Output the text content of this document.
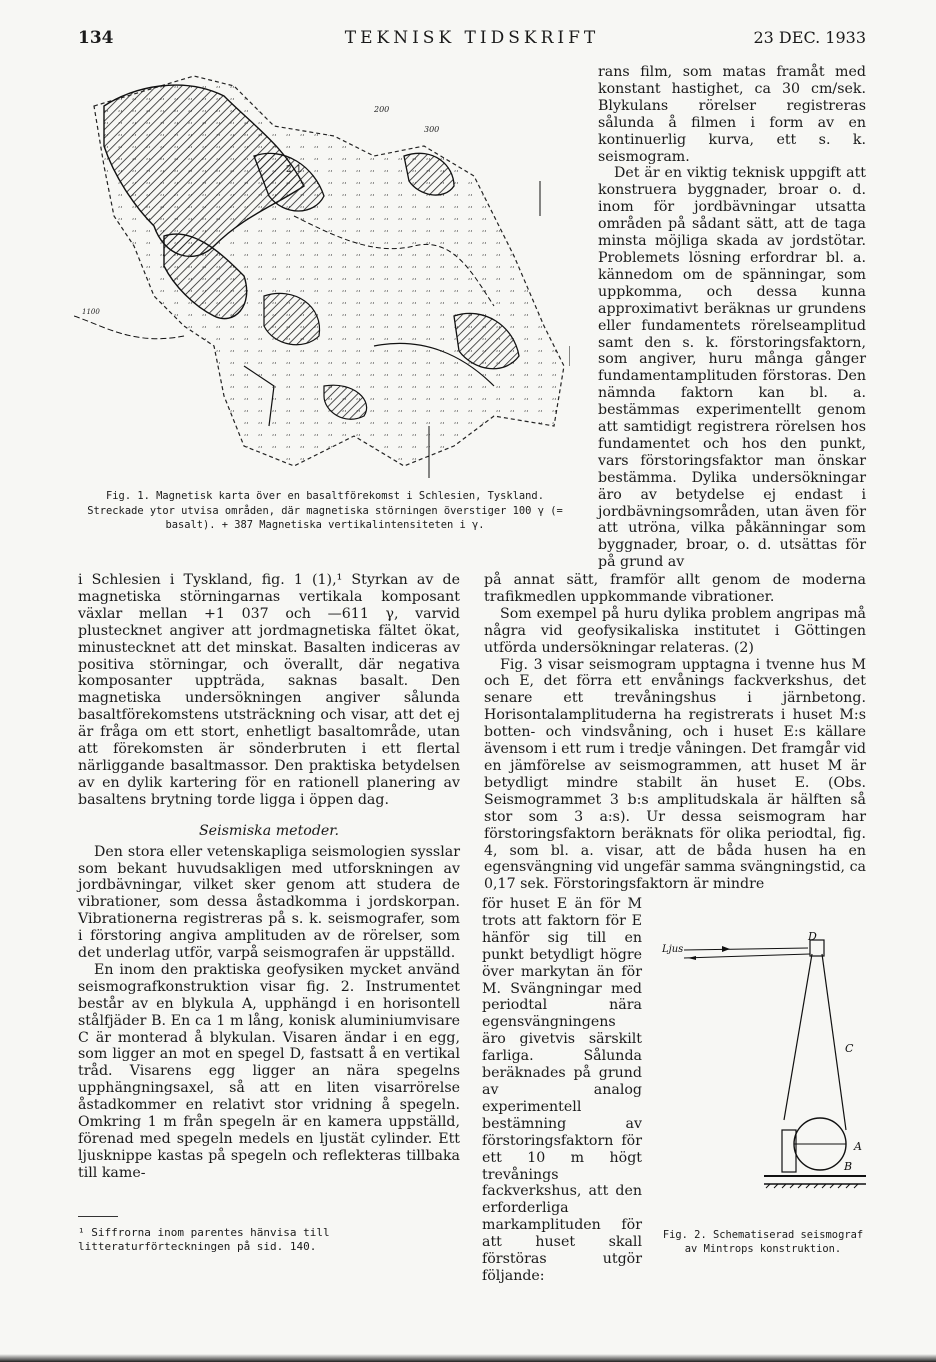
134	TEKNISK TIDSKRIFT	23 DEC. 1933
300
200
2 1
1100
Fig. 1. Magnetisk karta över en basaltförekomst i Schlesien, Tyskland. Streckade ytor utvisa områden, där magnetiska störningen överstiger 100 γ (= basalt). + 387 Magnetiska vertikalintensiteten i γ.

rans film, som matas framåt med konstant hastighet, ca 30 cm/sek. Blykulans rörelser registreras sålunda å filmen i form av en kontinuerlig kurva, ett s. k. seismogram.

Det är en viktig teknisk uppgift att konstruera byggnader, broar o. d. inom för jordbävningar utsatta områden på sådant sätt, att de taga minsta möjliga skada av jordstötar. Problemets lösning erfordrar bl. a. kännedom om de spänningar, som uppkomma, och dessa kunna approximativt beräknas ur grundens eller fundamentets rörelseamplitud samt den s. k. förstoringsfaktorn, som angiver, huru många gånger fundamentamplituden förstoras. Den nämnda faktorn kan bl. a. bestämmas experimentellt genom att samtidigt registrera rörelsen hos fundamentet och hos den punkt, vars förstoringsfaktor man önskar bestämma. Dylika undersökningar äro av betydelse ej endast i jordbävningsområden, utan även för att utröna, vilka påkänningar som byggnader, broar, o. d. utsättas för på grund av

i Schlesien i Tyskland, fig. 1 (1),¹ Styrkan av de magnetiska störningarnas vertikala komposant växlar mellan +1 037 och —611 γ, varvid plustecknet angiver att jordmagnetiska fältet ökat, minustecknet att det minskat. Basalten indiceras av positiva störningar, och överallt, där negativa komposanter uppträda, saknas basalt. Den magnetiska undersökningen angiver sålunda basaltförekomstens utsträckning och visar, att det ej är fråga om ett stort, enhetligt basaltområde, utan att förekomsten är sönderbruten i ett flertal närliggande basaltmassor. Den praktiska betydelsen av en dylik kartering för en rationell planering av basaltens brytning torde ligga i öppen dag.

Seismiska metoder.

Den stora eller vetenskapliga seismologien sysslar som bekant huvudsakligen med utforskningen av jordbävningar, vilket sker genom att studera de vibrationer, som dessa åstadkomma i jordskorpan. Vibrationerna registreras på s. k. seismografer, som i förstoring angiva amplituden av de rörelser, som det underlag utför, varpå seismografen är uppställd.

En inom den praktiska geofysiken mycket använd seismografkonstruktion visar fig. 2. Instrumentet består av en blykula A, upphängd i en horisontell stålfjäder B. En ca 1 m lång, konisk aluminiumvisare C är monterad å blykulan. Visaren ändar i en egg, som ligger an mot en spegel D, fastsatt å en vertikal tråd. Visarens egg ligger an nära spegelns upphängningsaxel, så att en liten visarrörelse åstadkommer en relativt stor vridning å spegeln. Omkring 1 m från spegeln är en kamera uppställd, förenad med spegeln medels en ljustät cylinder. Ett ljusknippe kastas på spegeln och reflekteras tillbaka till kame-

på annat sätt, framför allt genom de moderna trafikmedlen uppkommande vibrationer.

Som exempel på huru dylika problem angripas må några vid geofysikaliska institutet i Göttingen utförda undersökningar relateras. (2)

Fig. 3 visar seismogram upptagna i tvenne hus M och E, det förra ett envånings fackverkshus, det senare ett trevåningshus i järnbetong. Horisontalamplituderna ha registrerats i huset M:s botten- och vindsvåning, och i huset E:s källare ävensom i ett rum i tredje våningen. Det framgår vid en jämförelse av seismogrammen, att huset M är betydligt mindre stabilt än huset E. (Obs. Seismogrammet 3 b:s amplitudskala är hälften så stor som 3 a:s). Ur dessa seismogram har förstoringsfaktorn beräknats för olika periodtal, fig. 4, som bl. a. visar, att de båda husen ha en egensvängning vid ungefär samma svängningstid, ca 0,17 sek. Förstoringsfaktorn är mindre

för huset E än för M trots att faktorn för E hänför sig till en punkt betydligt högre över markytan än för M. Svängningar med periodtal nära egensvängningens äro givetvis särskilt farliga. Sålunda beräknades på grund av analog experimentell bestämning av förstoringsfaktorn för ett 10 m högt trevånings fackverkshus, att den erforderliga markamplituden för att huset skall förstöras utgör följande:

Ljus
D
C
A
B
Fig. 2. Schematiserad seismograf av Mintrops konstruktion.
¹ Siffrorna inom parentes hänvisa till litteraturförteckningen på sid. 140.
